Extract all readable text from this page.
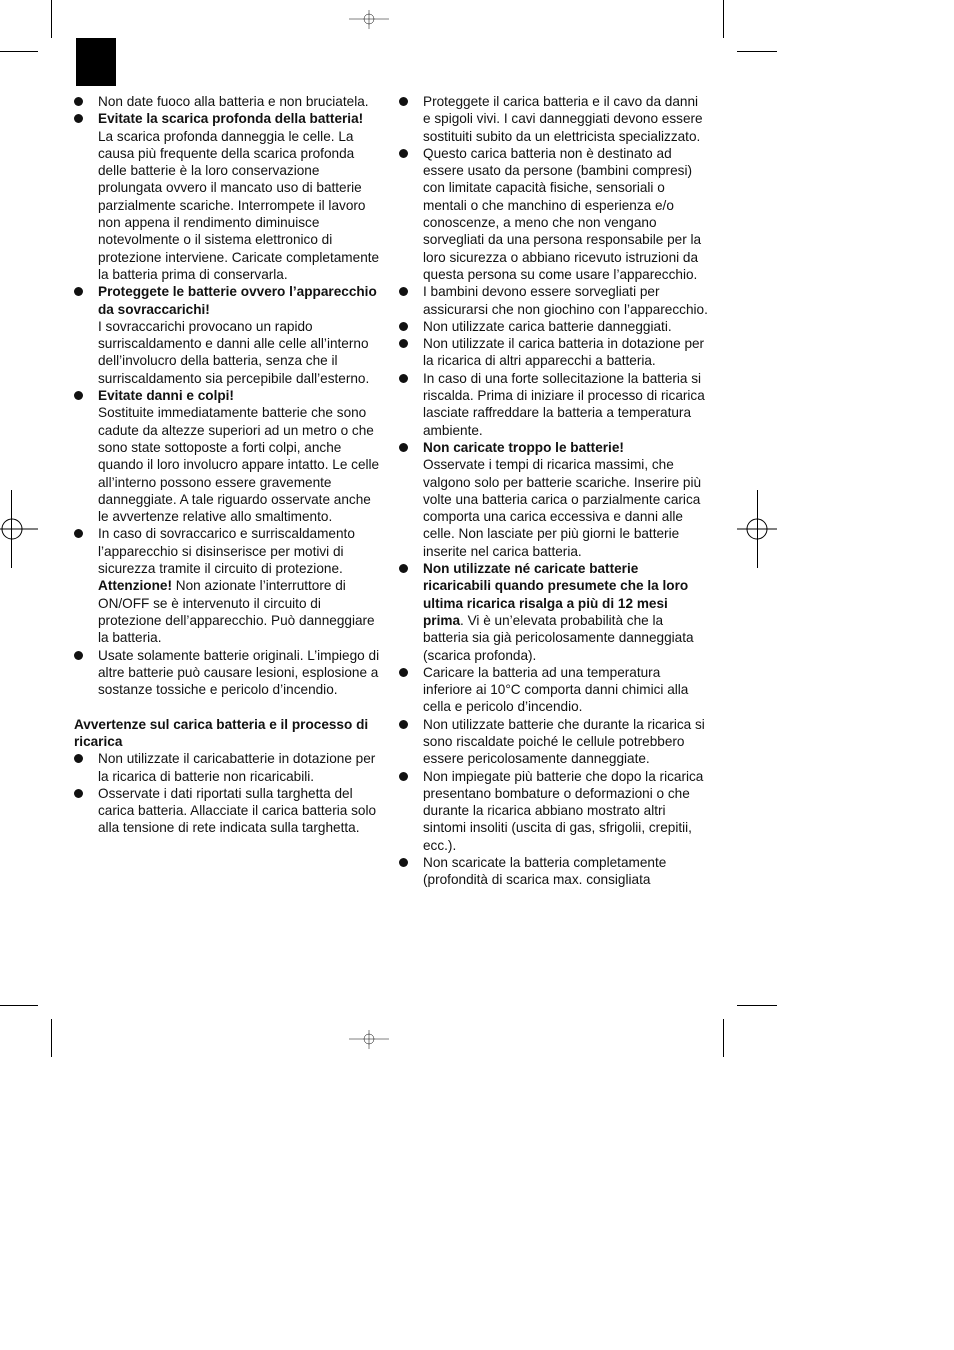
Non date fuoco alla batteria e non bruciatela.
Evitate la scarica profonda della batteria!
La scarica profonda danneggia le celle. La causa più frequente della scarica profonda delle batterie è la loro conservazione prolungata ovvero il mancato uso di batterie parzialmente scariche. Interrompete il lavoro non appena il rendimento diminuisce notevolmente o il sistema elettronico di protezione interviene. Caricate completamente la batteria prima di conservarla.
Proteggete le batterie ovvero l’apparecchio da sovraccarichi!
I sovraccarichi provocano un rapido surriscaldamento e danni alle celle all’interno dell’involucro della batteria, senza che il surriscaldamento sia percepibile dall’esterno.
Evitate danni e colpi!
Sostituite immediatamente batterie che sono cadute da altezze superiori ad un metro o che sono state sottoposte a forti colpi, anche quando il loro involucro appare intatto. Le celle all’interno possono essere gravemente danneggiate. A tale riguardo osservate anche le avvertenze relative allo smaltimento.
In caso di sovraccarico e surriscaldamento l’apparecchio si disinserisce per motivi di sicurezza tramite il circuito di protezione.
Attenzione! Non azionate l’interruttore di ON/OFF se è intervenuto il circuito di protezione dell’apparecchio. Può danneggiare la batteria.
Usate solamente batterie originali. L’impiego di altre batterie può causare lesioni, esplosione a sostanze tossiche e pericolo d’incendio.
Avvertenze sul carica batteria e il processo di ricarica
Non utilizzate il caricabatterie in dotazione per la ricarica di batterie non ricaricabili.
Osservate i dati riportati sulla targhetta del carica batteria. Allacciate il carica batteria solo alla tensione di rete indicata sulla targhetta.
Proteggete il carica batteria e il cavo da danni e spigoli vivi. I cavi danneggiati devono essere sostituiti subito da un elettricista specializzato.
Questo carica batteria non è destinato ad essere usato da persone (bambini compresi) con limitate capacità fisiche, sensoriali o mentali o che manchino di esperienza e/o conoscenze, a meno che non vengano sorvegliati da una persona responsabile per la loro sicurezza o abbiano ricevuto istruzioni da questa persona su come usare l’apparecchio.
I bambini devono essere sorvegliati per assicurarsi che non giochino con l’apparecchio.
Non utilizzate carica batterie danneggiati.
Non utilizzate il carica batteria in dotazione per la ricarica di altri apparecchi a batteria.
In caso di una forte sollecitazione la batteria si riscalda. Prima di iniziare il processo di ricarica lasciate raffreddare la batteria a temperatura ambiente.
Non caricate troppo le batterie!
Osservate i tempi di ricarica massimi, che valgono solo per batterie scariche. Inserire più volte una batteria carica o parzialmente carica comporta una carica eccessiva e danni alle celle. Non lasciate per più giorni le batterie inserite nel carica batteria.
Non utilizzate né caricate batterie ricaricabili quando presumete che la loro ultima ricarica risalga a più di 12 mesi prima. Vi è un’elevata probabilità che la batteria sia già pericolosamente danneggiata (scarica profonda).
Caricare la batteria ad una temperatura inferiore ai 10°C comporta danni chimici alla cella e pericolo d’incendio.
Non utilizzate batterie che durante la ricarica si sono riscaldate poiché le cellule potrebbero essere pericolosamente danneggiate.
Non impiegate più batterie che dopo la ricarica presentano bombature o deformazioni o che durante la ricarica abbiano mostrato altri sintomi insoliti (uscita di gas, sfrigolii, crepitii, ecc.).
Non scaricate la batteria completamente (profondità di scarica max. consigliata
